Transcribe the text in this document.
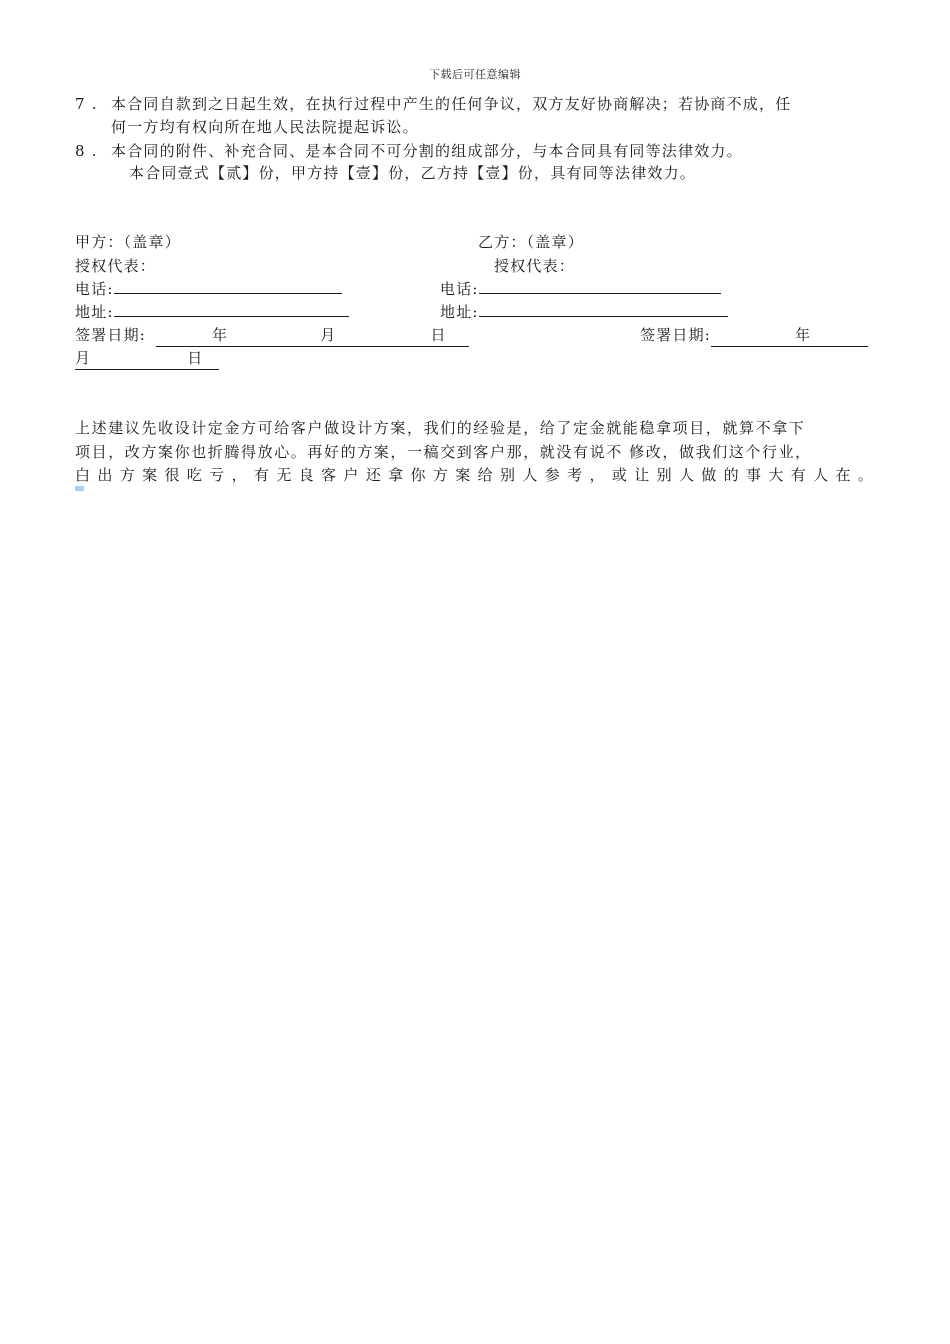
下载后可任意编辑
7 . 本合同自款到之日起生效，在执行过程中产生的任何争议，双方友好协商解决；若协商不成，任
何一方均有权向所在地人民法院提起诉讼。
8 . 本合同的附件、补充合同、是本合同不可分割的组成部分，与本合同具有同等法律效力。
本合同壹式【贰】份，甲方持【壹】份，乙方持【壹】份，具有同等法律效力。
甲方：（盖章）	乙方：（盖章）
授权代表：	授权代表：
电话:	电话:
地址:	地址:
签署日期:	年	月	日	签署日期:	年
月	日
上述建议先收设计定金方可给客户做设计方案，我们的经验是，给了定金就能稳拿项目，就算不拿下
项目，改方案你也折腾得放心。再好的方案，一稿交到客户那，就没有说不 修改，做我们这个行业，
白 出 方 案 很 吃 亏 ， 有 无 良 客 户 还 拿 你 方 案 给 别 人 参 考 ， 或 让 别 人 做 的 事 大 有 人 在 。
